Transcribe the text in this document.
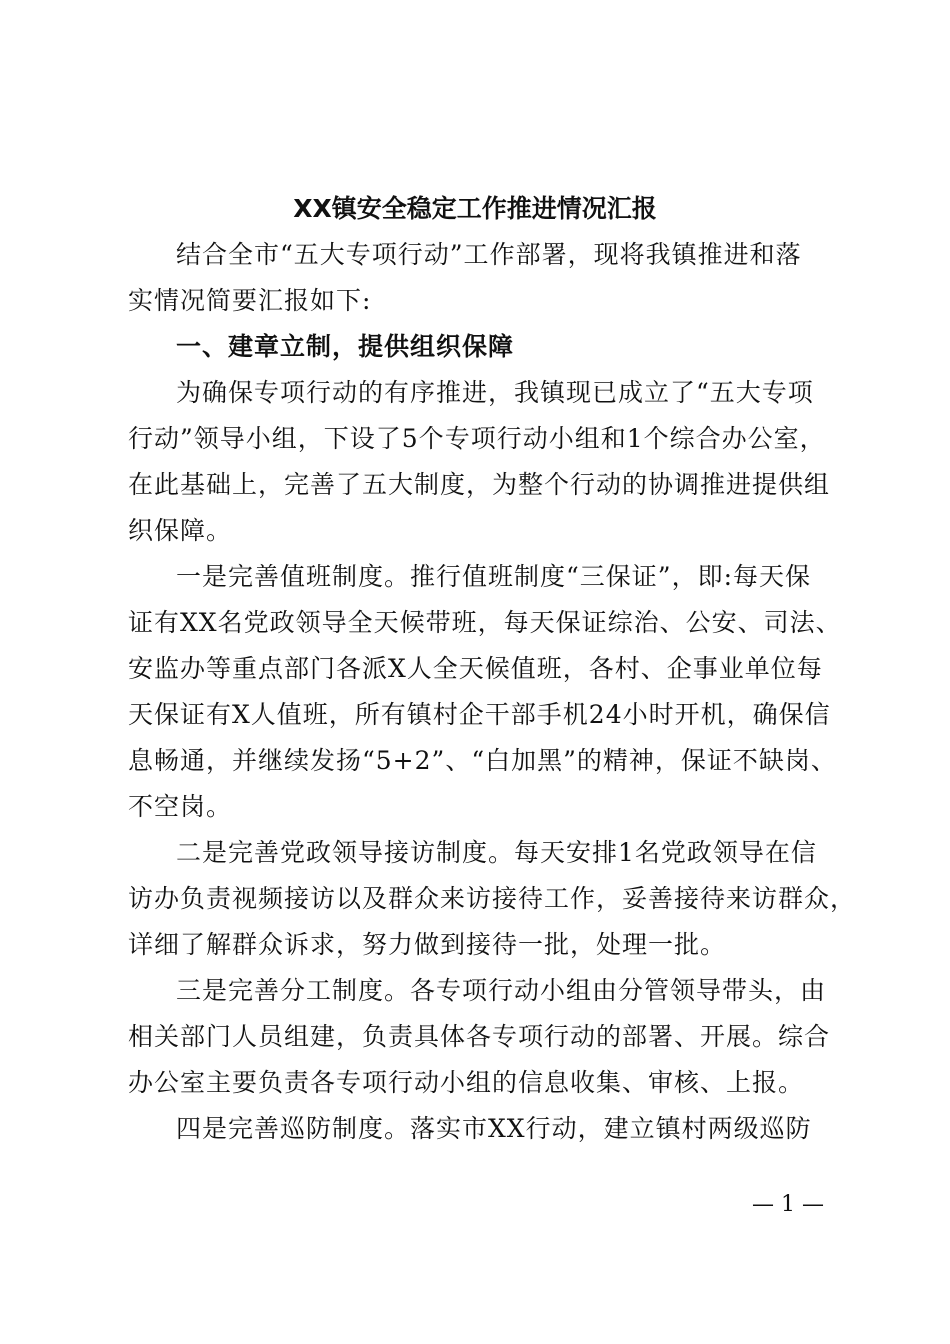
XX镇安全稳定工作推进情况汇报
结合全市“五大专项行动”工作部署，现将我镇推进和落
实情况简要汇报如下:
一、建章立制，提供组织保障
为确保专项行动的有序推进，我镇现已成立了“五大专项
行动”领导小组，下设了5个专项行动小组和1个综合办公室，
在此基础上，完善了五大制度，为整个行动的协调推进提供组
织保障。
一是完善值班制度。推行值班制度“三保证”，即:每天保
证有XX名党政领导全天候带班，每天保证综治、公安、司法、
安监办等重点部门各派X人全天候值班，各村、企事业单位每
天保证有X人值班，所有镇村企干部手机24小时开机，确保信
息畅通，并继续发扬“5+2”、“白加黑”的精神，保证不缺岗、
不空岗。
二是完善党政领导接访制度。每天安排1名党政领导在信
访办负责视频接访以及群众来访接待工作，妥善接待来访群众，
详细了解群众诉求，努力做到接待一批，处理一批。
三是完善分工制度。各专项行动小组由分管领导带头，由
相关部门人员组建，负责具体各专项行动的部署、开展。综合
办公室主要负责各专项行动小组的信息收集、审核、上报。
四是完善巡防制度。落实市XX行动，建立镇村两级巡防
— 1 —
